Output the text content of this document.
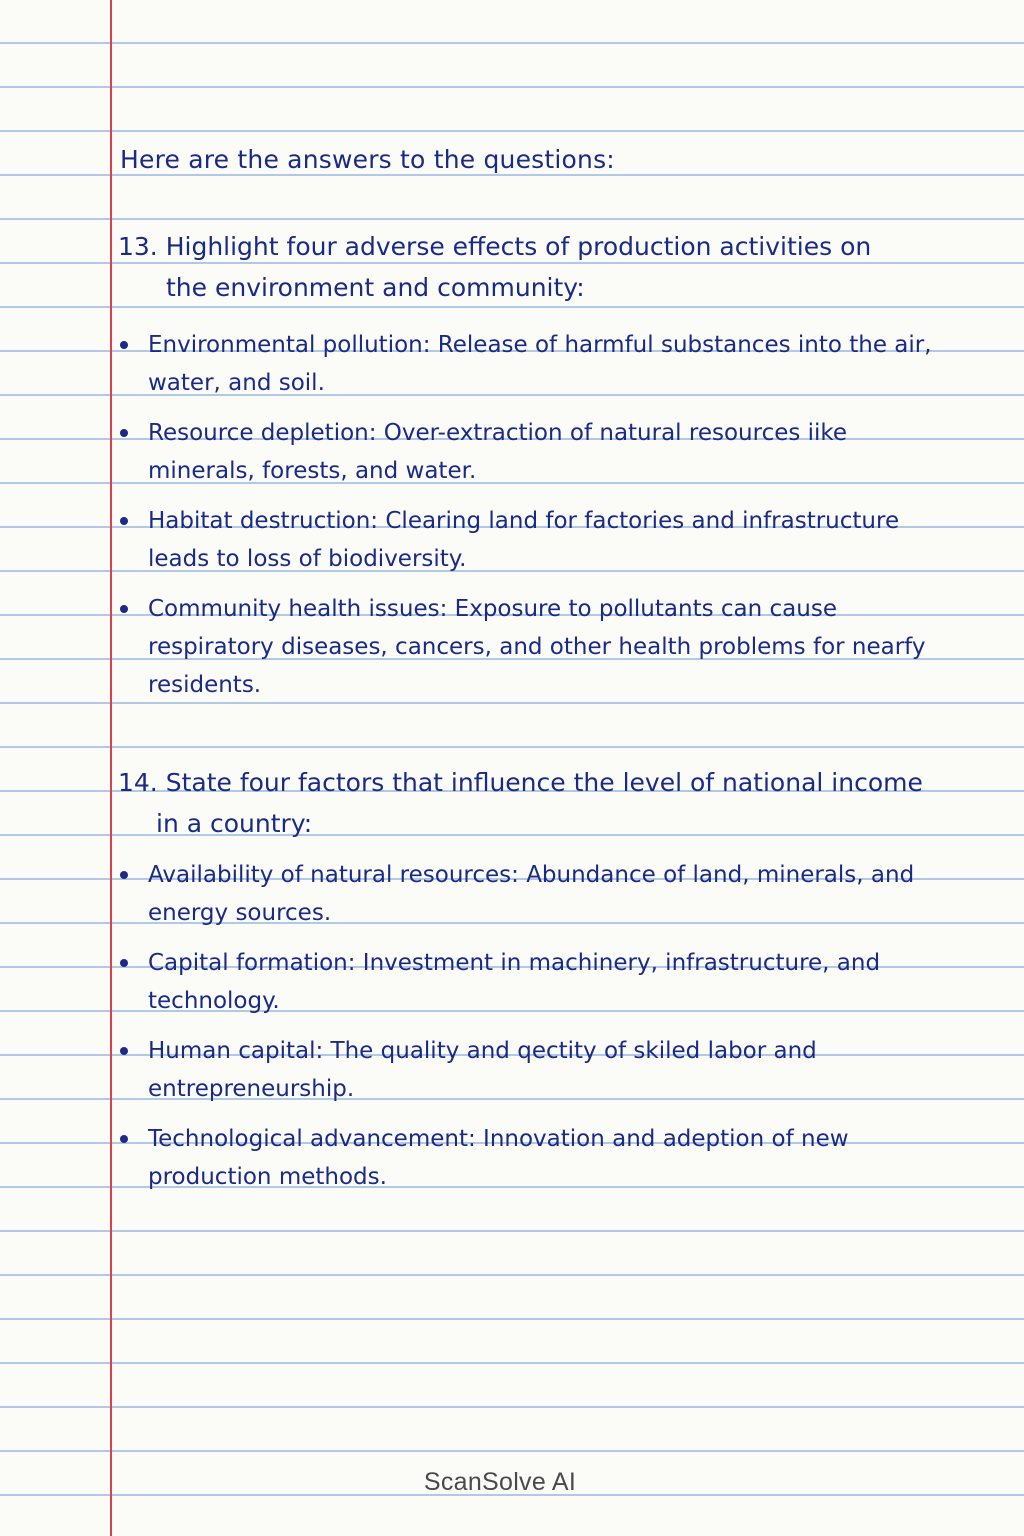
Here are the answers to the questions:
13. Highlight four adverse effects of production activities on
the environment and community:
Environmental pollution: Release of harmful substances into the air, water, and soil.
Resource depletion: Over-extraction of natural resources iike minerals, forests, and water.
Habitat destruction: Clearing land for factories and infrastructure leads to loss of biodiversity.
Community health issues: Exposure to pollutants can cause respiratory diseases, cancers, and other health problems for nearfy residents.
14. State four factors that influence the level of national income
in a country:
Availability of natural resources: Abundance of land, minerals, and energy sources.
Capital formation: Investment in machinery, infrastructure, and technology.
Human capital: The quality and qectity of skiled labor and entrepreneurship.
Technological advancement: Innovation and adeption of new production methods.
ScanSolve AI
